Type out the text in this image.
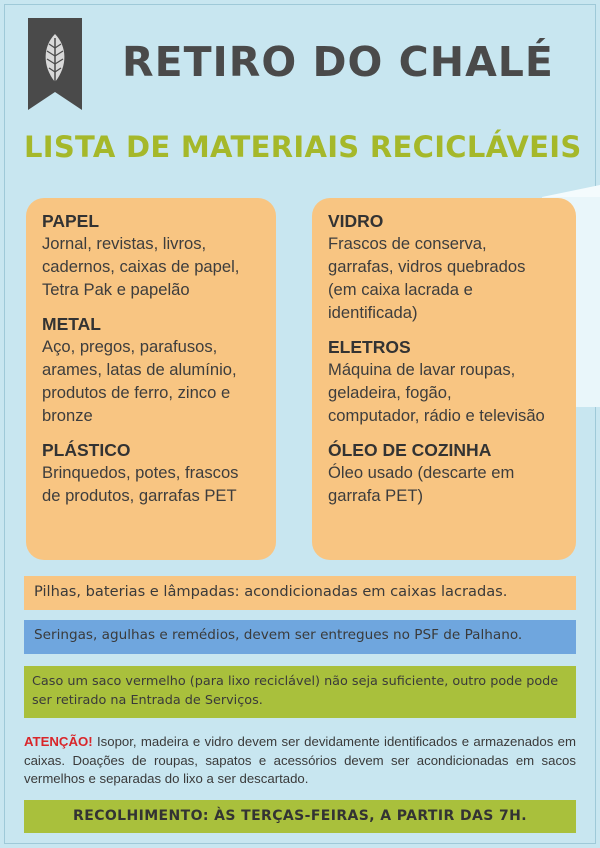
RETIRO DO CHALÉ
LISTA DE MATERIAIS RECICLÁVEIS
PAPEL
Jornal, revistas, livros,
cadernos, caixas de papel,
Tetra Pak e papelão
METAL
Aço, pregos, parafusos,
arames, latas de alumínio,
produtos de ferro, zinco e
bronze
PLÁSTICO
Brinquedos, potes, frascos
de produtos, garrafas PET
VIDRO
Frascos de conserva,
garrafas, vidros quebrados
(em caixa lacrada e
identificada)
ELETROS
Máquina de lavar roupas,
geladeira, fogão,
computador, rádio e televisão
ÓLEO DE COZINHA
Óleo usado (descarte em
garrafa PET)
Pilhas, baterias e lâmpadas: acondicionadas em caixas lacradas.
Seringas, agulhas e remédios, devem ser entregues no PSF de Palhano.
Caso um saco vermelho (para lixo reciclável) não seja suficiente, outro pode pode ser retirado na Entrada de Serviços.
ATENÇÃO! Isopor, madeira e vidro devem ser devidamente identificados e armazenados em caixas. Doações de roupas, sapatos e acessórios devem ser acondicionadas em sacos vermelhos e separadas do lixo a ser descartado.
RECOLHIMENTO: ÀS TERÇAS-FEIRAS, A PARTIR DAS 7H.
